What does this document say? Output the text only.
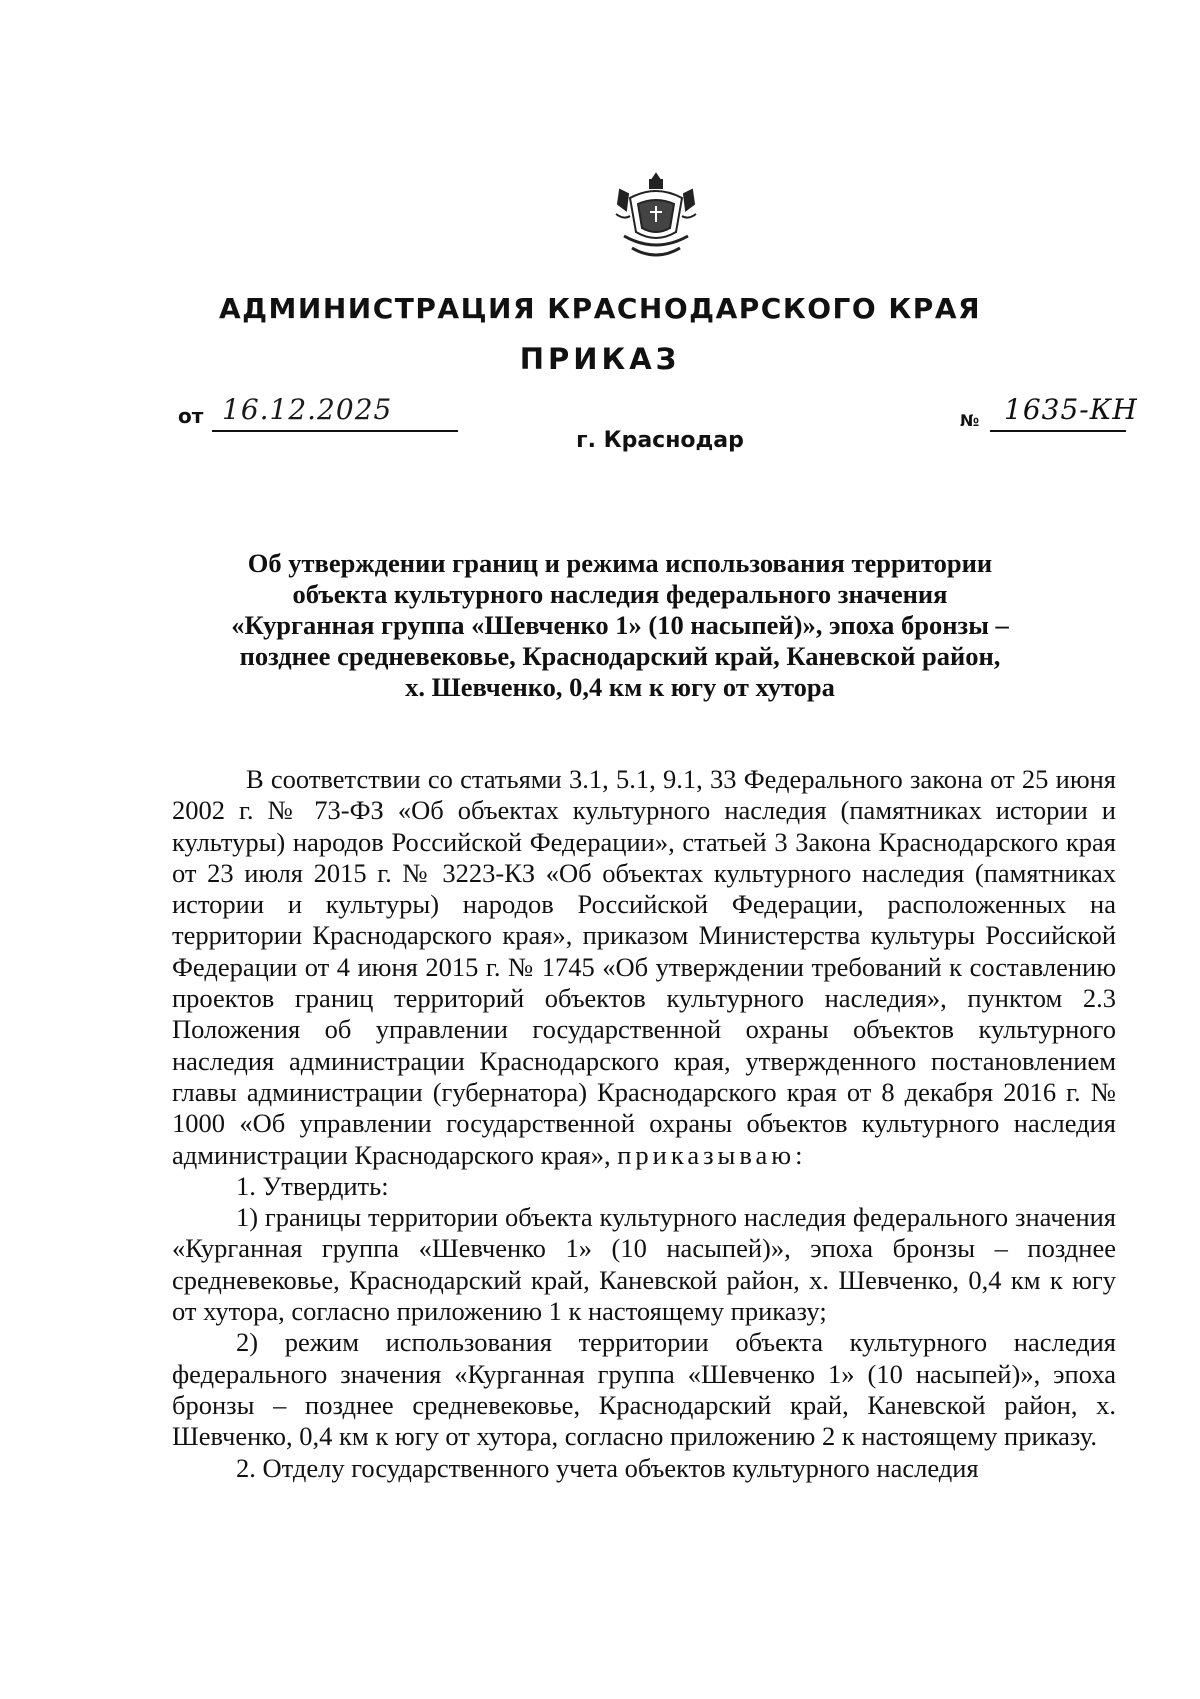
АДМИНИСТРАЦИЯ КРАСНОДАРСКОГО КРАЯ
ПРИКАЗ
от 16.12.2025
г. Краснодар
№ 1635-КН
Об утверждении границ и режима использования территории
объекта культурного наследия федерального значения
«Курганная группа «Шевченко 1» (10 насыпей)», эпоха бронзы –
позднее средневековье, Краснодарский край, Каневской район,
х. Шевченко, 0,4 км к югу от хутора

В соответствии со статьями 3.1, 5.1, 9.1, 33 Федерального закона от 25 июня 2002 г. № 73-ФЗ «Об объектах культурного наследия (памятниках истории и культуры) народов Российской Федерации», статьей 3 Закона Краснодарского края от 23 июля 2015 г. № 3223-КЗ «Об объектах культурного наследия (памятниках истории и культуры) народов Российской Федерации, расположенных на территории Краснодарского края», приказом Министерства культуры Российской Федерации от 4 июня 2015 г. № 1745 «Об утверждении требований к составлению проектов границ территорий объектов культурного наследия», пунктом 2.3 Положения об управлении государственной охраны объектов культурного наследия администрации Краснодарского края, утвержденного постановлением главы администрации (губернатора) Краснодарского края от 8 декабря 2016 г. № 1000 «Об управлении государственной охраны объектов культурного наследия администрации Краснодарского края», приказываю:

1. Утвердить:

1) границы территории объекта культурного наследия федерального значения «Курганная группа «Шевченко 1» (10 насыпей)», эпоха бронзы – позднее средневековье, Краснодарский край, Каневской район, х. Шевченко, 0,4 км к югу от хутора, согласно приложению 1 к настоящему приказу;

2) режим использования территории объекта культурного наследия федерального значения «Курганная группа «Шевченко 1» (10 насыпей)», эпоха бронзы – позднее средневековье, Краснодарский край, Каневской район, х. Шевченко, 0,4 км к югу от хутора, согласно приложению 2 к настоящему приказу.

2. Отделу государственного учета объектов культурного наследия
